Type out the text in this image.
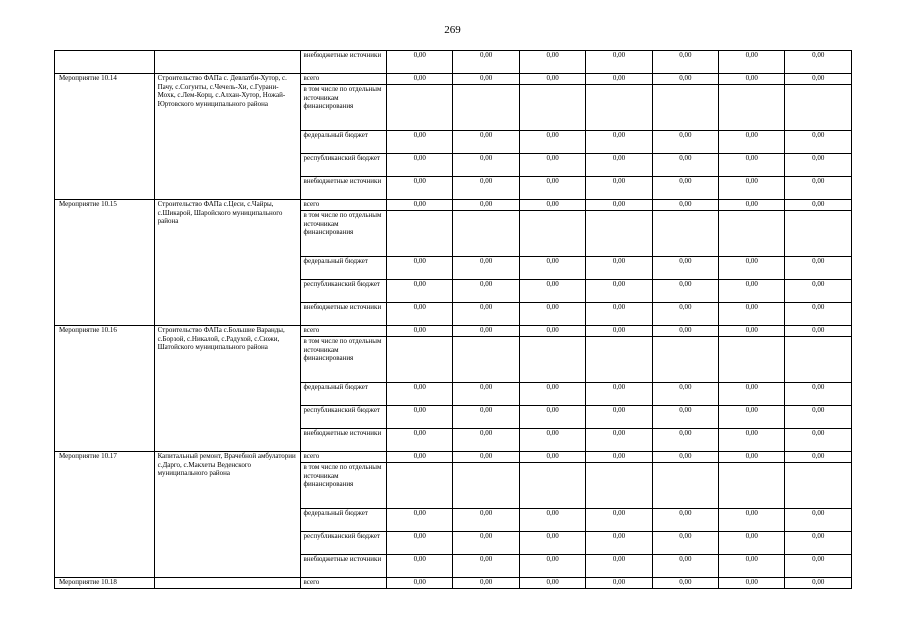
269
		внебюджетные источники	0,00	0,00	0,00	0,00	0,00	0,00	0,00
Мероприятие 10.14	Строительство ФАПа с. Девлатби-Хутор, с. Пачу, с.Согунты, с.Чечель-Хи, с.Гурани-Мохк, с.Лем-Корц, с.Алхан-Хутор, Ножай-Юртовского муниципального района	всего	0,00	0,00	0,00	0,00	0,00	0,00	0,00
		в том числе по отдельным источникам финансирования							
		федеральный бюджет	0,00	0,00	0,00	0,00	0,00	0,00	0,00
		республиканский бюджет	0,00	0,00	0,00	0,00	0,00	0,00	0,00
		внебюджетные источники	0,00	0,00	0,00	0,00	0,00	0,00	0,00
Мероприятие 10.15	Строительство ФАПа с.Цеси, с.Чайры, с.Шикарой, Шаройского муниципального района	всего	0,00	0,00	0,00	0,00	0,00	0,00	0,00
		в том числе по отдельным источникам финансирования							
		федеральный бюджет	0,00	0,00	0,00	0,00	0,00	0,00	0,00
		республиканский бюджет	0,00	0,00	0,00	0,00	0,00	0,00	0,00
		внебюджетные источники	0,00	0,00	0,00	0,00	0,00	0,00	0,00
Мероприятие 10.16	Строительство ФАПа с.Большие Варанды, с.Борзой, с.Никалой, с.Радухой, с.Сюжи, Шатойского муниципального района	всего	0,00	0,00	0,00	0,00	0,00	0,00	0,00
		в том числе по отдельным источникам финансирования							
		федеральный бюджет	0,00	0,00	0,00	0,00	0,00	0,00	0,00
		республиканский бюджет	0,00	0,00	0,00	0,00	0,00	0,00	0,00
		внебюджетные источники	0,00	0,00	0,00	0,00	0,00	0,00	0,00
Мероприятие 10.17	Капитальный ремонт, Врачебной амбулатории с.Дарго, с.Макхеты Веденского муниципального района	всего	0,00	0,00	0,00	0,00	0,00	0,00	0,00
		в том числе по отдельным источникам финансирования							
		федеральный бюджет	0,00	0,00	0,00	0,00	0,00	0,00	0,00
		республиканский бюджет	0,00	0,00	0,00	0,00	0,00	0,00	0,00
		внебюджетные источники	0,00	0,00	0,00	0,00	0,00	0,00	0,00
Мероприятие 10.18		всего	0,00	0,00	0,00	0,00	0,00	0,00	0,00
